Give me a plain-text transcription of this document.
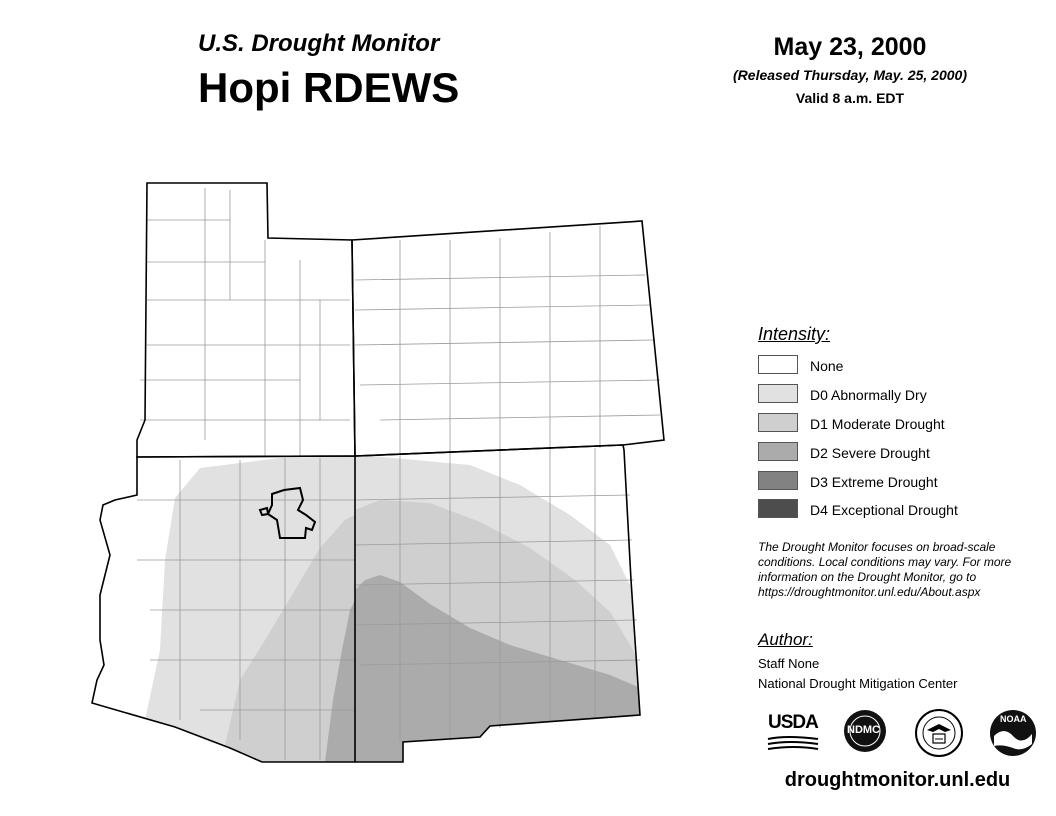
U.S. Drought Monitor
Hopi RDEWS
May 23, 2000
(Released Thursday, May. 25, 2000)
Valid 8 a.m. EDT
Intensity:
None
D0 Abnormally Dry
D1 Moderate Drought
D2 Severe Drought
D3 Extreme Drought
D4 Exceptional Drought
The Drought Monitor focuses on broad-scale conditions. Local conditions may vary. For more information on the Drought Monitor, go to https://droughtmonitor.unl.edu/About.aspx
Author:
Staff None
National Drought Mitigation Center
USDA	NDMC
NOAA
droughtmonitor.unl.edu
